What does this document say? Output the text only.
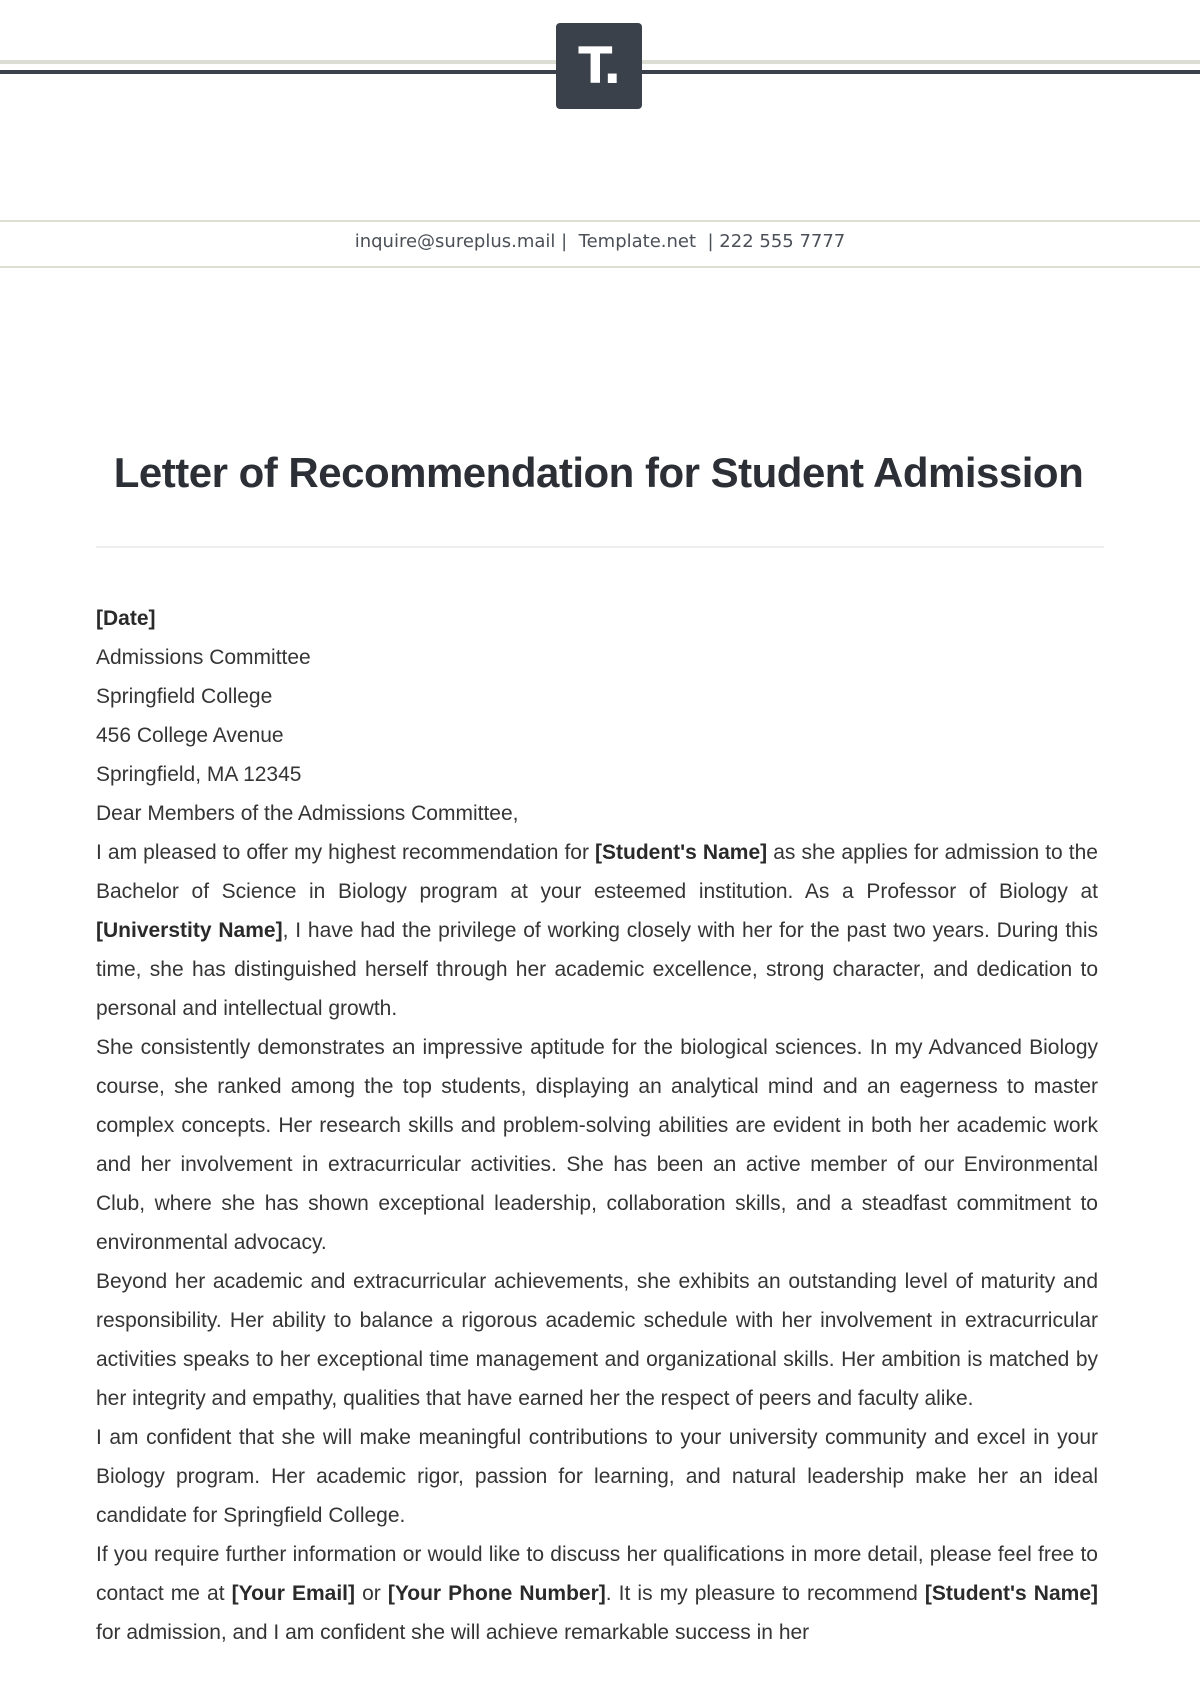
T.
inquire@sureplus.mail |  Template.net  | 222 555 7777
Letter of Recommendation for Student Admission

[Date]

Admissions Committee

Springfield College

456 College Avenue

Springfield, MA 12345

Dear Members of the Admissions Committee,

I am pleased to offer my highest recommendation for [Student's Name] as she applies for admission to the Bachelor of Science in Biology program at your esteemed institution. As a Professor of Biology at [Universtity Name], I have had the privilege of working closely with her for the past two years. During this time, she has distinguished herself through her academic excellence, strong character, and dedication to personal and intellectual growth.

She consistently demonstrates an impressive aptitude for the biological sciences. In my Advanced Biology course, she ranked among the top students, displaying an analytical mind and an eagerness to master complex concepts. Her research skills and problem-solving abilities are evident in both her academic work and her involvement in extracurricular activities. She has been an active member of our Environmental Club, where she has shown exceptional leadership, collaboration skills, and a steadfast commitment to environmental advocacy.

Beyond her academic and extracurricular achievements, she exhibits an outstanding level of maturity and responsibility. Her ability to balance a rigorous academic schedule with her involvement in extracurricular activities speaks to her exceptional time management and organizational skills. Her ambition is matched by her integrity and empathy, qualities that have earned her the respect of peers and faculty alike.

I am confident that she will make meaningful contributions to your university community and excel in your Biology program. Her academic rigor, passion for learning, and natural leadership make her an ideal candidate for Springfield College.

If you require further information or would like to discuss her qualifications in more detail, please feel free to contact me at [Your Email] or [Your Phone Number]. It is my pleasure to recommend [Student's Name] for admission, and I am confident she will achieve remarkable success in her
